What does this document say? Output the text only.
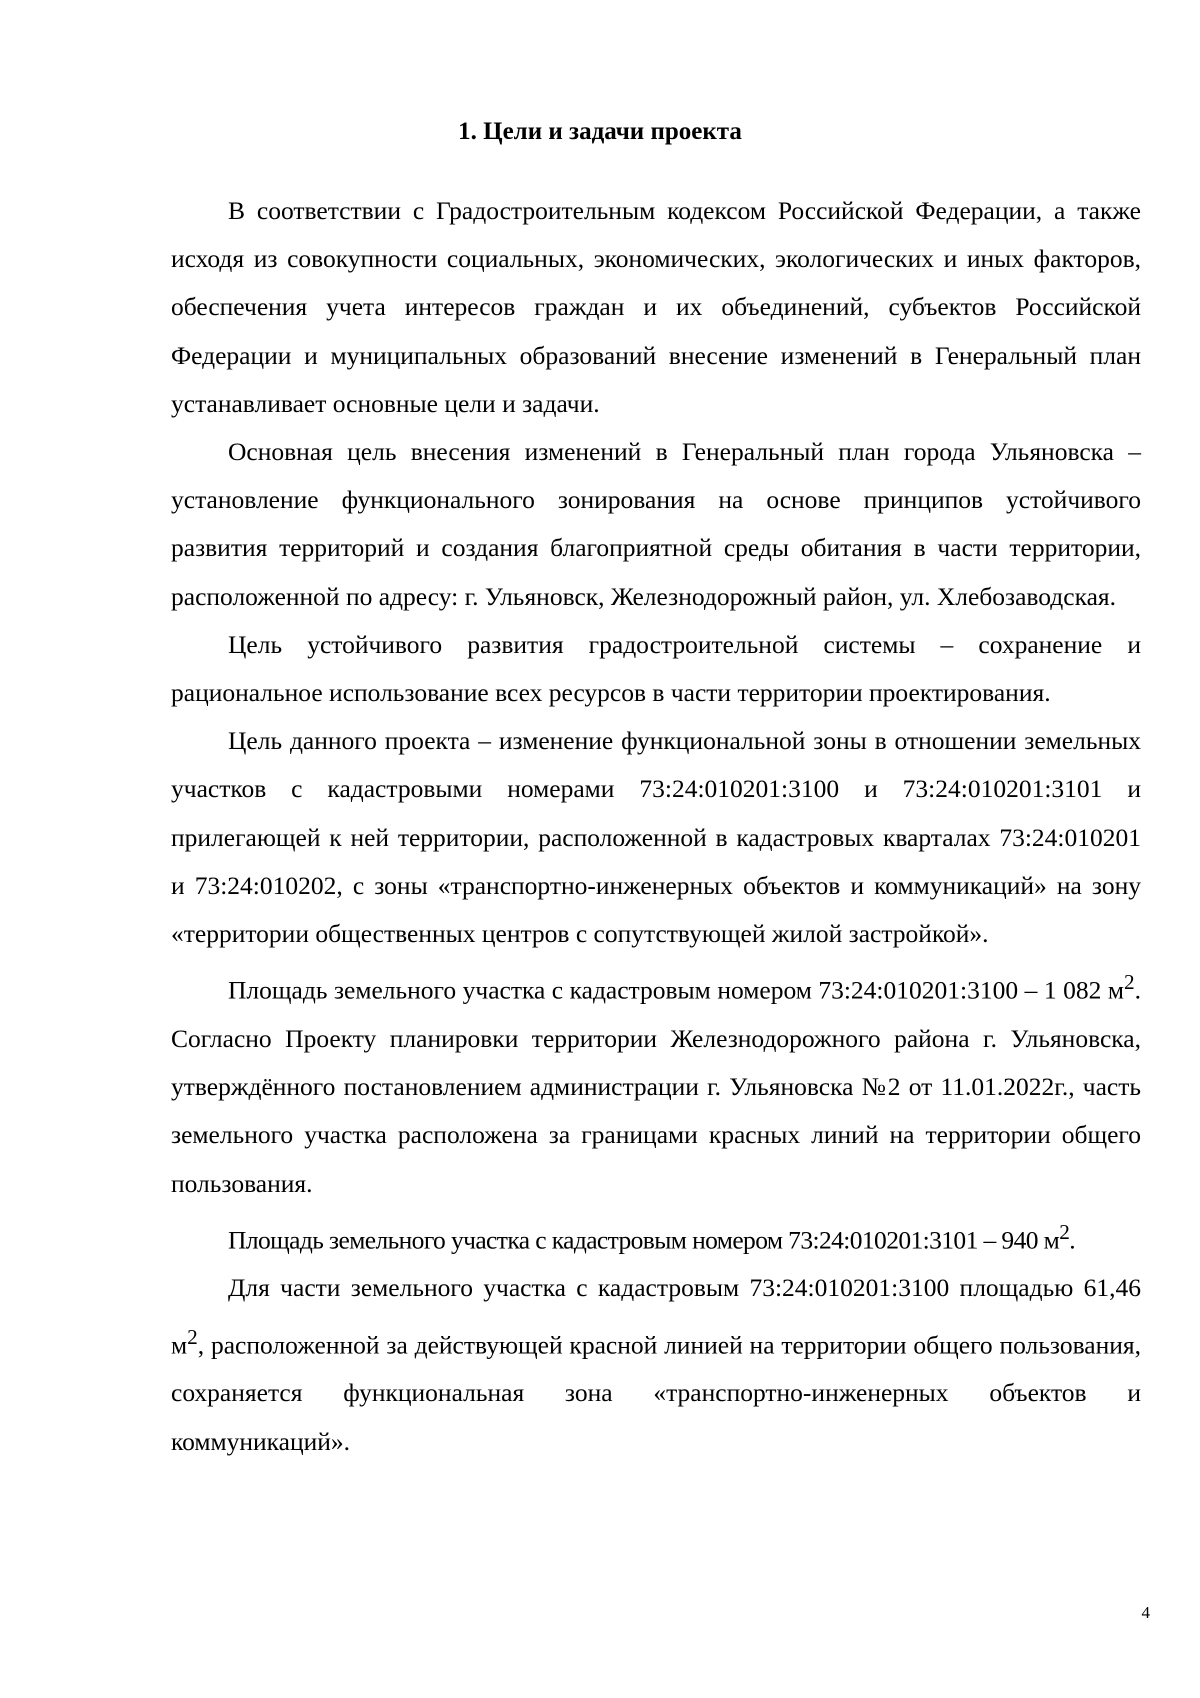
1. Цели и задачи проекта

В соответствии с Градостроительным кодексом Российской Федерации, а также исходя из совокупности социальных, экономических, экологических и иных факторов, обеспечения учета интересов граждан и их объединений, субъектов Российской Федерации и муниципальных образований внесение изменений в Генеральный план устанавливает основные цели и задачи.

Основная цель внесения изменений в Генеральный план города Ульяновска – установление функционального зонирования на основе принципов устойчивого развития территорий и создания благоприятной среды обитания в части территории, расположенной по адресу: г. Ульяновск, Железнодорожный район, ул. Хлебозаводская.

Цель устойчивого развития градостроительной системы – сохранение и рациональное использование всех ресурсов в части территории проектирования.

Цель данного проекта – изменение функциональной зоны в отношении земельных участков с кадастровыми номерами 73:24:010201:3100 и 73:24:010201:3101 и прилегающей к ней территории, расположенной в кадастровых кварталах 73:24:010201 и 73:24:010202, с зоны «транспортно-инженерных объектов и коммуникаций» на зону «территории общественных центров с сопутствующей жилой застройкой».

Площадь земельного участка с кадастровым номером 73:24:010201:3100 – 1 082 $м^2$. Согласно Проекту планировки территории Железнодорожного района г. Ульяновска, утверждённого постановлением администрации г. Ульяновска №2 от 11.01.2022г., часть земельного участка расположена за границами красных линий на территории общего пользования.

Площадь земельного участка с кадастровым номером 73:24:010201:3101 – 940 $м^2$.

Для части земельного участка с кадастровым 73:24:010201:3100 площадью 61,46 $м^2$, расположенной за действующей красной линией на территории общего пользования, сохраняется функциональная зона «транспортно-инженерных объектов и коммуникаций».

4
